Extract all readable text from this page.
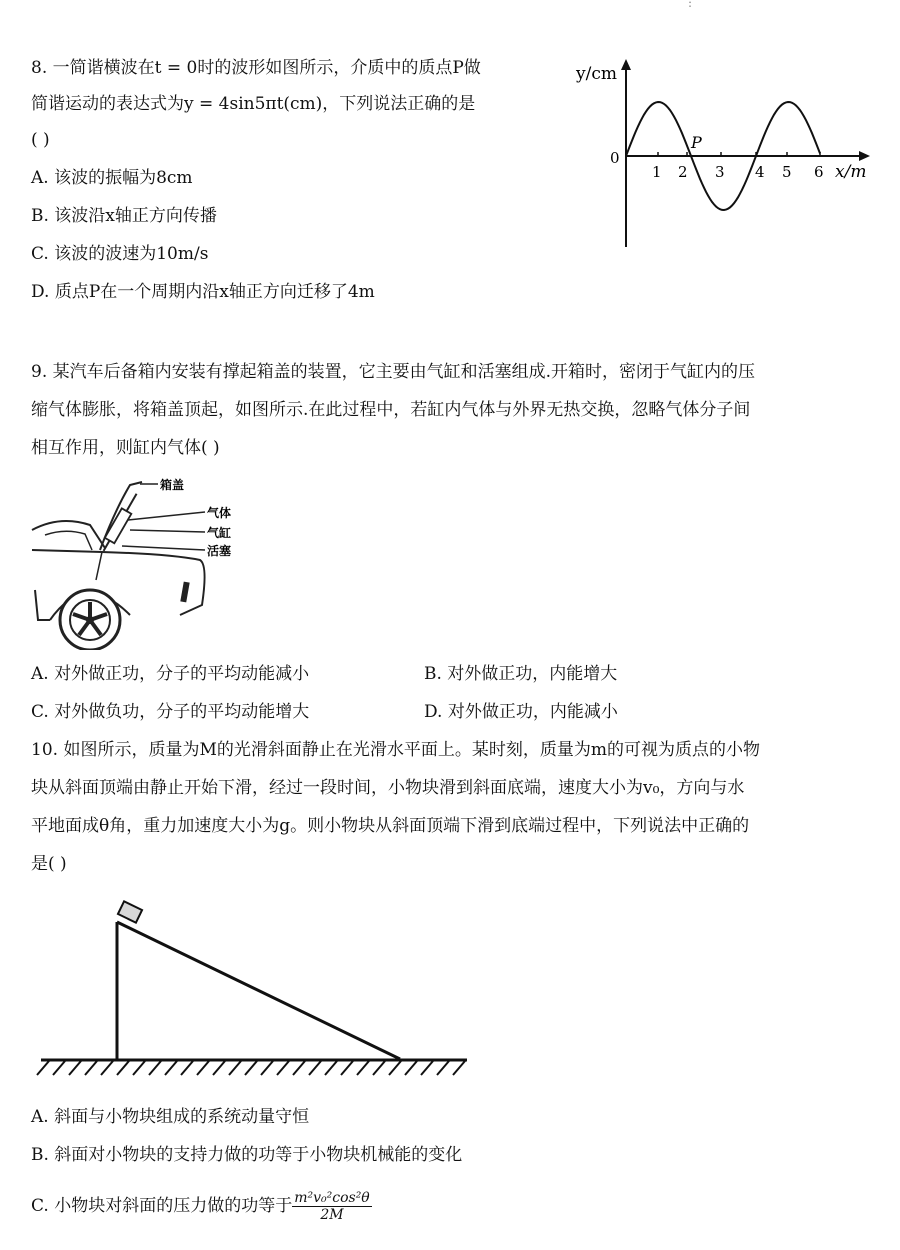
:
8. 一简谐横波在t = 0时的波形如图所示，介质中的质点P做
简谐运动的表达式为y = 4sin5πt(cm)，下列说法正确的是
( )
A. 该波的振幅为8cm
B. 该波沿x轴正方向传播
C. 该波的波速为10m/s
D. 质点P在一个周期内沿x轴正方向迁移了4m
y/cm
0
P
1 2 3 4 5 6 x/m
9. 某汽车后备箱内安装有撑起箱盖的装置，它主要由气缸和活塞组成.开箱时，密闭于气缸内的压
缩气体膨胀，将箱盖顶起，如图所示.在此过程中，若缸内气体与外界无热交换，忽略气体分子间
相互作用，则缸内气体( )
箱盖
气体
气缸
活塞
A. 对外做正功，分子的平均动能减小	B. 对外做正功，内能增大
C. 对外做负功，分子的平均动能增大	D. 对外做正功，内能减小
10. 如图所示，质量为M的光滑斜面静止在光滑水平面上。某时刻，质量为m的可视为质点的小物
块从斜面顶端由静止开始下滑，经过一段时间，小物块滑到斜面底端，速度大小为v₀，方向与水
平地面成θ角，重力加速度大小为g。则小物块从斜面顶端下滑到底端过程中，下列说法中正确的
是( )
A. 斜面与小物块组成的系统动量守恒
B. 斜面对小物块的支持力做的功等于小物块机械能的变化
C. 小物块对斜面的压力做的功等于 $\frac{\text{m²v₀²cos²θ}}{2M}$
